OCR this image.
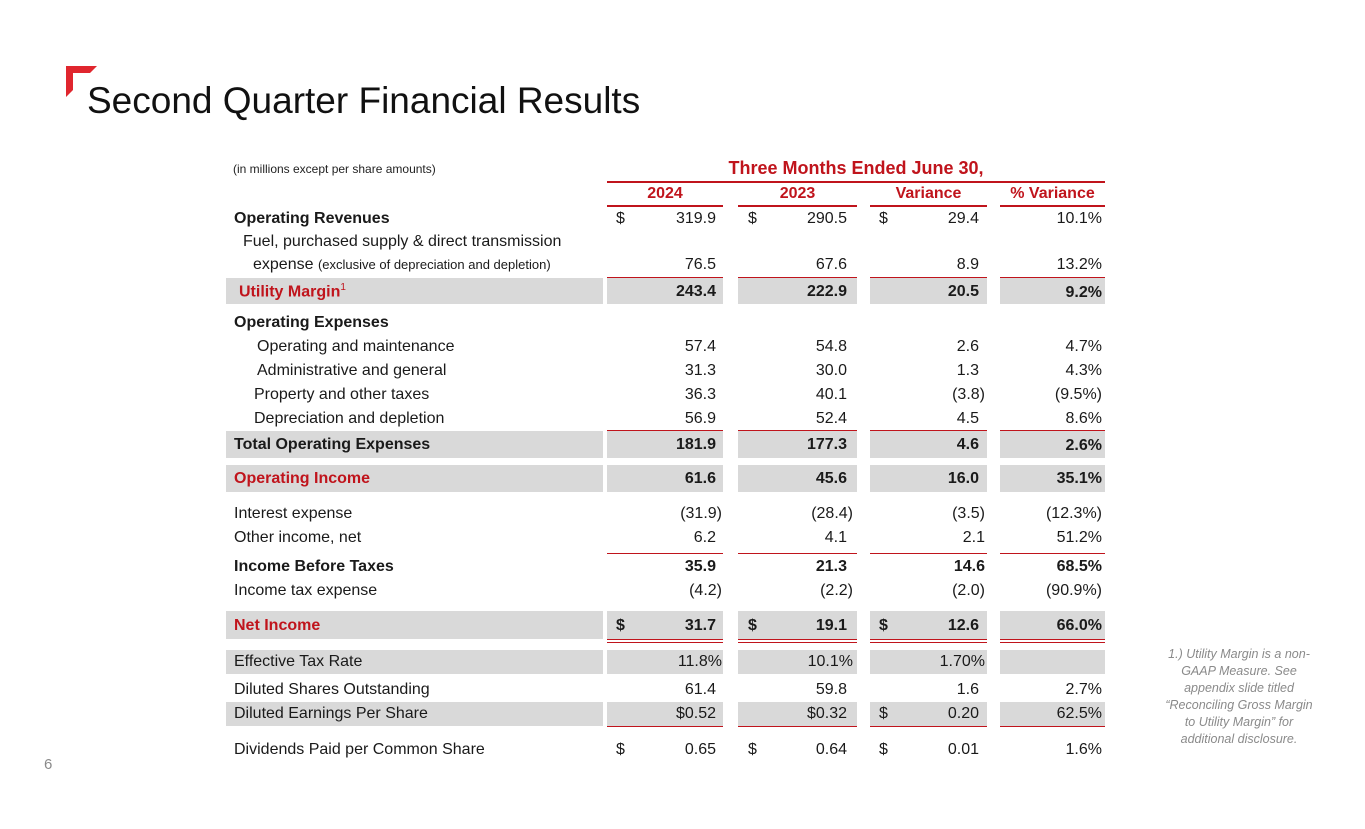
Second Quarter Financial Results
(in millions except per share amounts)	Three Months Ended June 30,
2024	2023	Variance	% Variance
Operating Revenues	$	319.9 $	290.5 $	29.4	10.1%
Fuel, purchased supply & direct transmission
expense (exclusive of depreciation and depletion)	76.5	67.6	8.9	13.2%
Utility Margin$^1$	243.4	222.9	20.5	9.2%
Operating Expenses
Operating and maintenance	57.4	54.8	2.6	4.7%
Administrative and general	31.3	30.0	1.3	4.3%
Property and other taxes	36.3	40.1	(3.8)	(9.5%)
Depreciation and depletion	56.9	52.4	4.5	8.6%
Total Operating Expenses	181.9	177.3	4.6	2.6%
Operating Income	61.6	45.6	16.0	35.1%
Interest expense	(31.9)	(28.4)	(3.5)	(12.3%)
Other income, net	6.2	4.1	2.1	51.2%
Income Before Taxes	35.9	21.3	14.6	68.5%
Income tax expense	(4.2)	(2.2)	(2.0)	(90.9%)
Net Income	$	31.7 $	19.1 $	12.6	66.0%
Effective Tax Rate	11.8%	10.1%	1.70%
Diluted Shares Outstanding	61.4	59.8	1.6	2.7%
Diluted Earnings Per Share	$0.52	$0.32 $	0.20	62.5%
Dividends Paid per Common Share	$	0.65 $	0.64 $	0.01	1.6%
1.) Utility Margin is a non-GAAP Measure. See appendix slide titled “Reconciling Gross Margin to Utility Margin” for additional disclosure.
6
